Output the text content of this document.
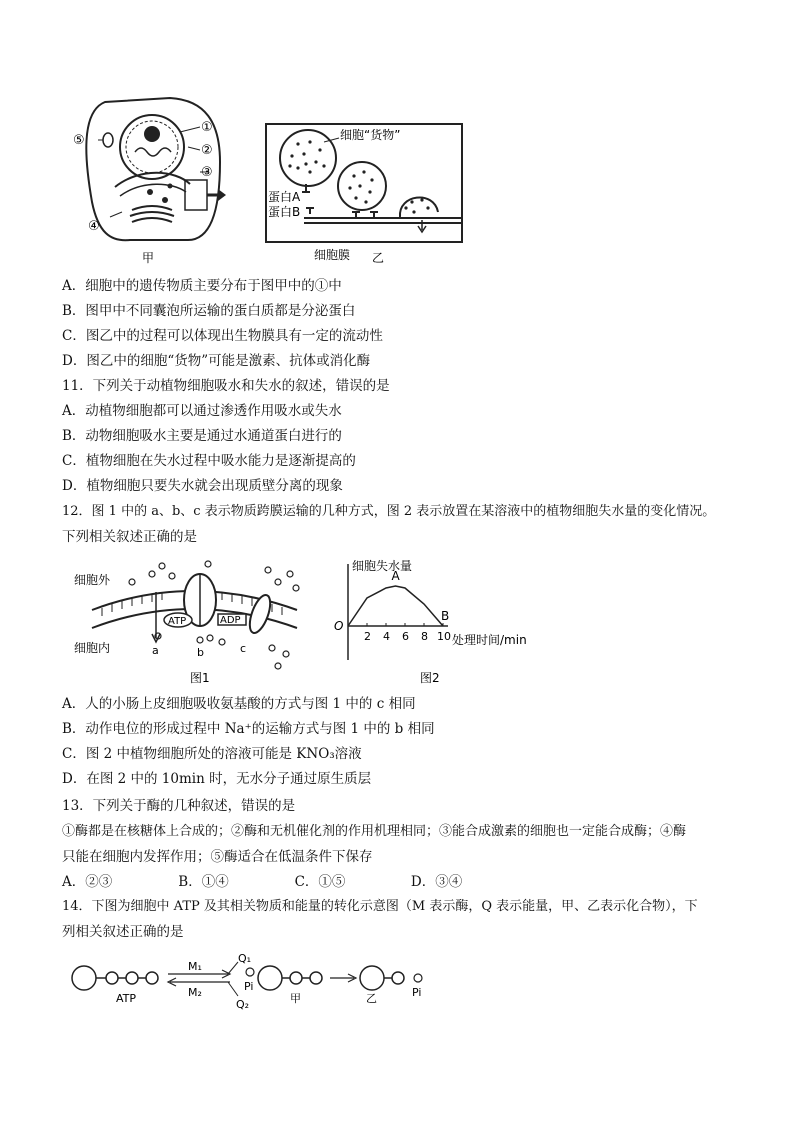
①
②
③
④
⑤
甲
细胞“货物”
蛋白A
蛋白B
细胞膜 乙
A．细胞中的遗传物质主要分布于图甲中的①中
B．图甲中不同囊泡所运输的蛋白质都是分泌蛋白
C．图乙中的过程可以体现出生物膜具有一定的流动性
D．图乙中的细胞“货物”可能是激素、抗体或消化酶
11．下列关于动植物细胞吸水和失水的叙述，错误的是
A．动植物细胞都可以通过渗透作用吸水或失水
B．动物细胞吸水主要是通过水通道蛋白进行的
C．植物细胞在失水过程中吸水能力是逐渐提高的
D．植物细胞只要失水就会出现质壁分离的现象
12．图 1 中的 a、b、c 表示物质跨膜运输的几种方式，图 2 表示放置在某溶液中的植物细胞失水量的变化情况。
下列相关叙述正确的是
ATP	ADP
细胞外
细胞内	a	b	c
图1
细胞失水量
处理时间/min
O
2 4 6 8 10
A
B
图2
A．人的小肠上皮细胞吸收氨基酸的方式与图 1 中的 c 相同
B．动作电位的形成过程中 Na⁺的运输方式与图 1 中的 b 相同
C．图 2 中植物细胞所处的溶液可能是 KNO₃溶液
D．在图 2 中的 10min 时，无水分子通过原生质层
13．下列关于酶的几种叙述，错误的是
①酶都是在核糖体上合成的；②酶和无机催化剂的作用机理相同；③能合成激素的细胞也一定能合成酶；④酶
只能在细胞内发挥作用；⑤酶适合在低温条件下保存
A．②③	B．①④	C．①⑤	D．③④
14．下图为细胞中 ATP 及其相关物质和能量的转化示意图（M 表示酶，Q 表示能量，甲、乙表示化合物），下
列相关叙述正确的是
ATP
M₁
M₂
Q₁
Q₂
Pi
甲	乙	Pi
